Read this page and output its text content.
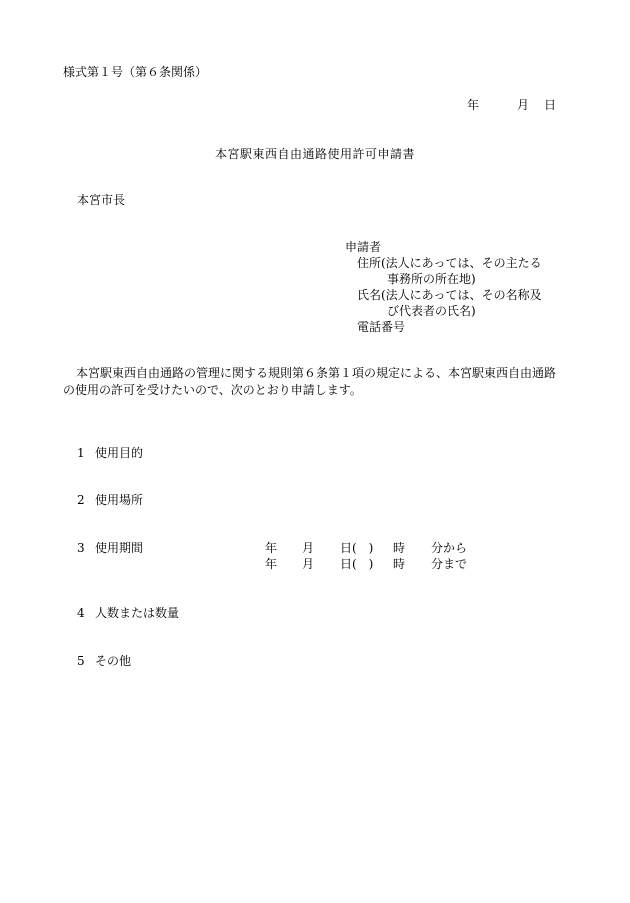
様式第１号（第６条関係）
年	月 日
本宮駅東西自由通路使用許可申請書
本宮市長
申請者
住所(法人にあっては、その主たる
事務所の所在地)
氏名(法人にあっては、その名称及
び代表者の氏名)
電話番号
本宮駅東西自由通路の管理に関する規則第６条第１項の規定による、本宮駅東西自由通路
の使用の許可を受けたいので、次のとおり申請します。
1 使用目的
2 使用場所
3 使用期間	年 月 日(　) 時 分から
年 月 日(　) 時 分まで
4 人数または数量
5 その他
